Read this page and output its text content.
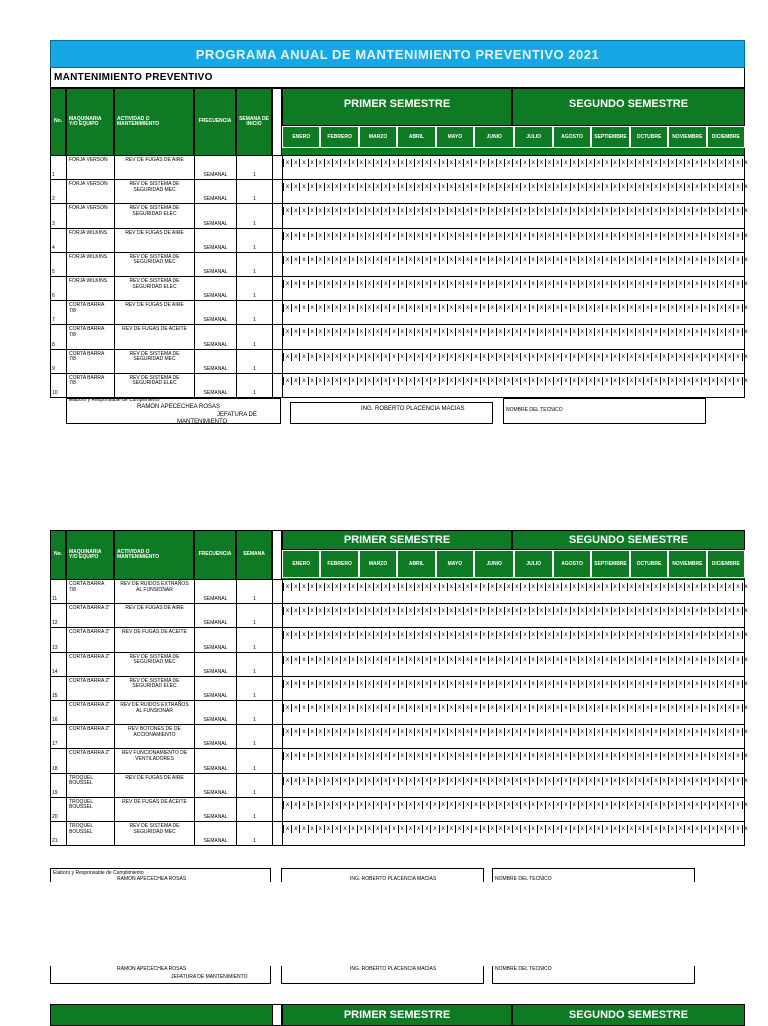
PROGRAMA ANUAL DE MANTENIMIENTO PREVENTIVO 2021
MANTENIMIENTO PREVENTIVO
No.	MAQUINARIA Y/O EQUIPO
ACTIVIDAD O MANTENIMIENTO	FRECUENCIA	SEMANA DE INICIO
PRIMER SEMESTRE	SEGUNDO SEMESTRE
ENERO	FEBRERO	MARZO	ABRIL	MAYO	JUNIO	JULIO	AGOSTO	SEPTIEMBRE	OCTUBRE	NOVIEMBRE	DICIEMBRE
1
FORJA VERSON	REV DE FUGAS DE AIRE
SEMANAL	1
x x x x x x x x x x x x x x x x x x x x x x x x x x x x x x x x x x x x x x x x x x x x x x x x x x x x x x x x x
2
FORJA VERSON	REV DE SISTEMA DE SEGURIDAD MEC
SEMANAL	1
x x x x x x x x x x x x x x x x x x x x x x x x x x x x x x x x x x x x x x x x x x x x x x x x x x x x x x x x x
3
FORJA VERSON	REV DE SISTEMA DE SEGURIDAD ELEC
SEMANAL	1
x x x x x x x x x x x x x x x x x x x x x x x x x x x x x x x x x x x x x x x x x x x x x x x x x x x x x x x x x
4
FORJA WILKINS	REV DE FUGAS DE AIRE
SEMANAL	1
x x x x x x x x x x x x x x x x x x x x x x x x x x x x x x x x x x x x x x x x x x x x x x x x x x x x x x x x x
5
FORJA WILKINS	REV DE SISTEMA DE SEGURIDAD MEC
SEMANAL	1
x x x x x x x x x x x x x x x x x x x x x x x x x x x x x x x x x x x x x x x x x x x x x x x x x x x x x x x x x
6
FORJA WILKINS	REV DE SISTEMA DE SEGURIDAD ELEC
SEMANAL	1
x x x x x x x x x x x x x x x x x x x x x x x x x x x x x x x x x x x x x x x x x x x x x x x x x x x x x x x x x
7
CORTA BARRA 7/8
REV DE FUGAS DE AIRE
SEMANAL	1
x x x x x x x x x x x x x x x x x x x x x x x x x x x x x x x x x x x x x x x x x x x x x x x x x x x x x x x x x
8
CORTA BARRA 7/8
REV DE FUGAS DE ACEITE
SEMANAL	1
x x x x x x x x x x x x x x x x x x x x x x x x x x x x x x x x x x x x x x x x x x x x x x x x x x x x x x x x x
9
CORTA BARRA 7/8
REV DE SISTEMA DE SEGURIDAD MEC
SEMANAL	1
x x x x x x x x x x x x x x x x x x x x x x x x x x x x x x x x x x x x x x x x x x x x x x x x x x x x x x x x x
10
CORTA BARRA 7/8
REV DE SISTEMA DE SEGURIDAD ELEC
SEMANAL	1
x x x x x x x x x x x x x x x x x x x x x x x x x x x x x x x x x x x x x x x x x x x x x x x x x x x x x x x x x
Elaboro y Responsable de Cumplimiento
RAMON APECECHEA ROSAS
JEFATURA DE
MANTENIMIENTO
ING. ROBERTO PLACENCIA MACIAS	NOMBRE DEL TECNICO
No.	MAQUINARIA Y/O EQUIPO
ACTIVIDAD O MANTENIMIENTO	FRECUENCIA	SEMANA
PRIMER SEMESTRE	SEGUNDO SEMESTRE
ENERO	FEBRERO	MARZO	ABRIL	MAYO	JUNIO	JULIO	AGOSTO	SEPTIEMBRE	OCTUBRE	NOVIEMBRE	DICIEMBRE
11
CORTA BARRA 7/8
REV DE RUIDOS EXTRAÑOS AL FUNSIONAR
SEMANAL	1
x x x x x x x x x x x x x x x x x x x x x x x x x x x x x x x x x x x x x x x x x x x x x x x x x x x x x x x x x
12
CORTA BARRA 2"	REV DE FUGAS DE AIRE
SEMANAL	1
x x x x x x x x x x x x x x x x x x x x x x x x x x x x x x x x x x x x x x x x x x x x x x x x x x x x x x x x x
13
CORTA BARRA 2"	REV DE FUGAS DE ACEITE
SEMANAL	1
x x x x x x x x x x x x x x x x x x x x x x x x x x x x x x x x x x x x x x x x x x x x x x x x x x x x x x x x x
14
CORTA BARRA 2"	REV DE SISTEMA DE SEGURIDAD MEC
SEMANAL	1
x x x x x x x x x x x x x x x x x x x x x x x x x x x x x x x x x x x x x x x x x x x x x x x x x x x x x x x x x
15
CORTA BARRA 2"	REV DE SISTEMA DE SEGURIDAD ELEC
SEMANAL	1
x x x x x x x x x x x x x x x x x x x x x x x x x x x x x x x x x x x x x x x x x x x x x x x x x x x x x x x x x
16
CORTA BARRA 2"	REV DE RUIDOS EXTRAÑOS AL FUNSIONAR
SEMANAL	1
x x x x x x x x x x x x x x x x x x x x x x x x x x x x x x x x x x x x x x x x x x x x x x x x x x x x x x x x x
17
CORTA BARRA 2"	REV BOTONES DE DE ACCIONAMIENTO
SEMANAL	1
x x x x x x x x x x x x x x x x x x x x x x x x x x x x x x x x x x x x x x x x x x x x x x x x x x x x x x x x x
18
CORTA BARRA 2"	REV FUNCIONAMIENTO DE VENTILADORES
SEMANAL	1
x x x x x x x x x x x x x x x x x x x x x x x x x x x x x x x x x x x x x x x x x x x x x x x x x x x x x x x x x
19
TROQUEL BOUSSEL
REV DE FUGAS DE AIRE
SEMANAL	1
x x x x x x x x x x x x x x x x x x x x x x x x x x x x x x x x x x x x x x x x x x x x x x x x x x x x x x x x x
20
TROQUEL BOUSSEL
REV DE FUGAS DE ACEITE
SEMANAL	1
x x x x x x x x x x x x x x x x x x x x x x x x x x x x x x x x x x x x x x x x x x x x x x x x x x x x x x x x x
21
TROQUEL BOUSSEL
REV DE SISTEMA DE SEGURIDAD MEC
SEMANAL	1
x x x x x x x x x x x x x x x x x x x x x x x x x x x x x x x x x x x x x x x x x x x x x x x x x x x x x x x x x
Elaboro y Responsable de Cumplimiento
RAMON APECECHEA ROSAS	ING. ROBERTO PLACENCIA MACIAS	NOMBRE DEL TECNICO
RAMON APECECHEA ROSAS
JEFATURA DE MANTENIMIENTO
ING. ROBERTO PLACENCIA MACIAS	NOMBRE DEL TECNICO
PRIMER SEMESTRE	SEGUNDO SEMESTRE
